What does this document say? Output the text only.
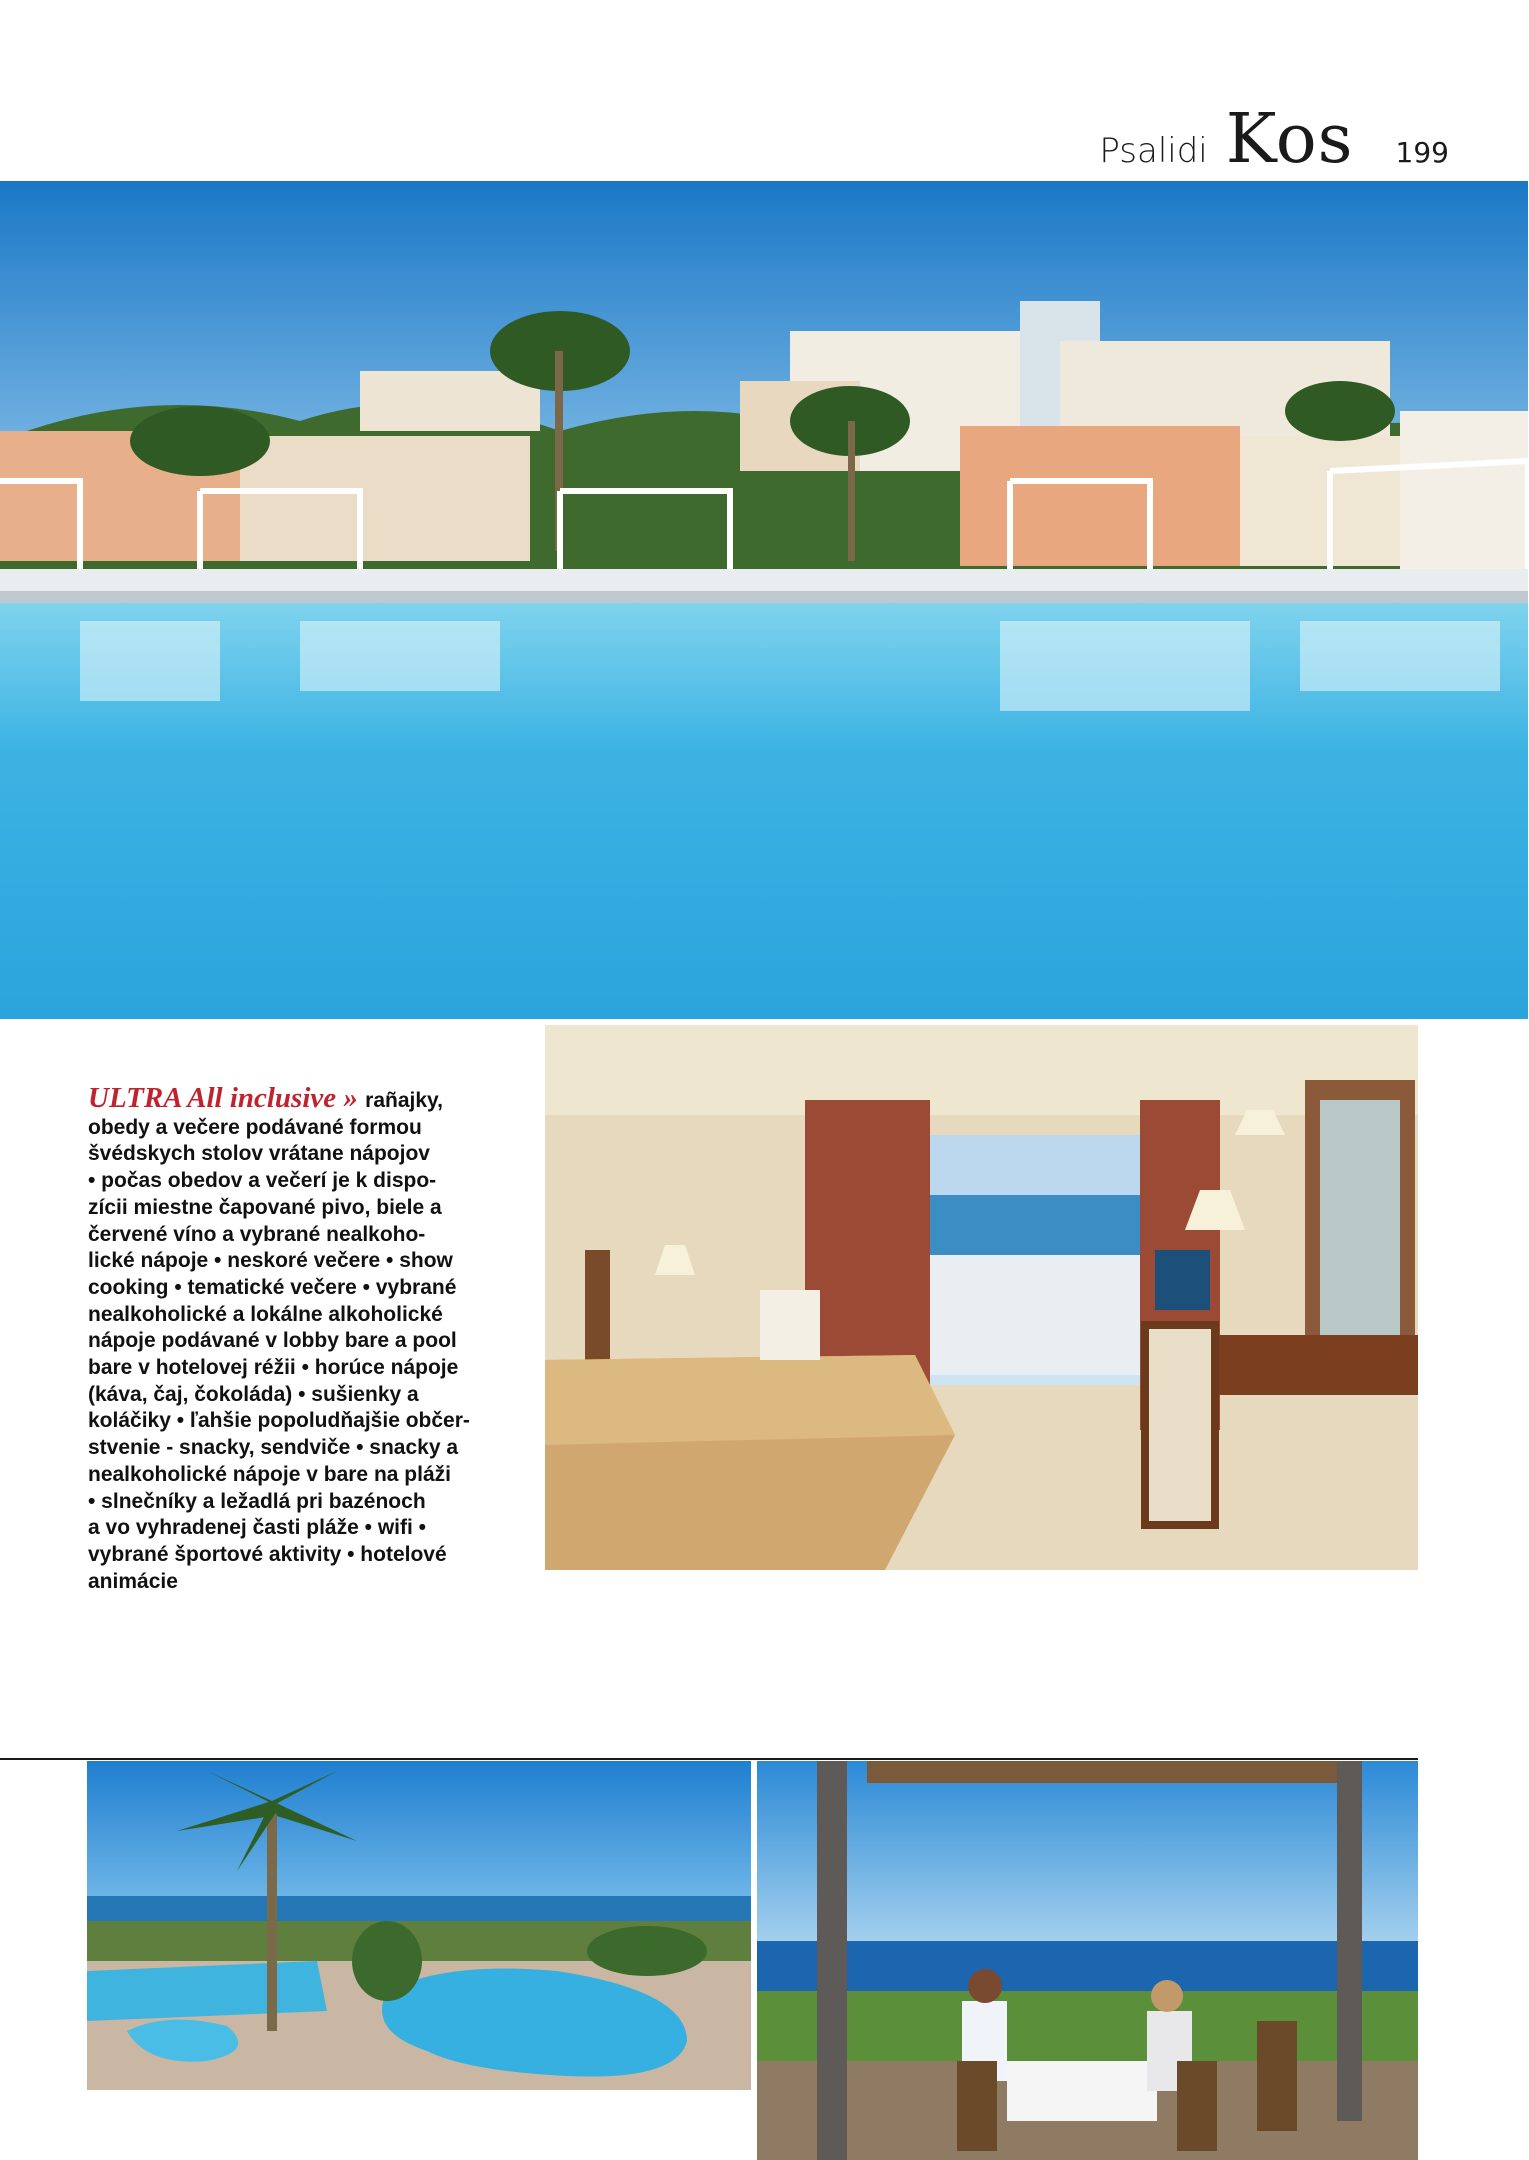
Psalidi Kos 199
ULTRA All inclusive » rañajky,
obedy a večere podávané formou
švédskych stolov vrátane nápojov
• počas obedov a večerí je k dispo-
zícii miestne čapované pivo, biele a
červené víno a vybrané nealkoho-
lické nápoje • neskoré večere • show
cooking • tematické večere • vybrané
nealkoholické a lokálne alkoholické
nápoje podávané v lobby bare a pool
bare v hotelovej réžii • horúce nápoje
(káva, čaj, čokoláda) • sušienky a
koláčiky • ľahšie popoludňajšie občer-
stvenie - snacky, sendviče • snacky a
nealkoholické nápoje v bare na pláži
• slnečníky a ležadlá pri bazénoch
a vo vyhradenej časti pláže • wifi •
vybrané športové aktivity • hotelové
animácie
